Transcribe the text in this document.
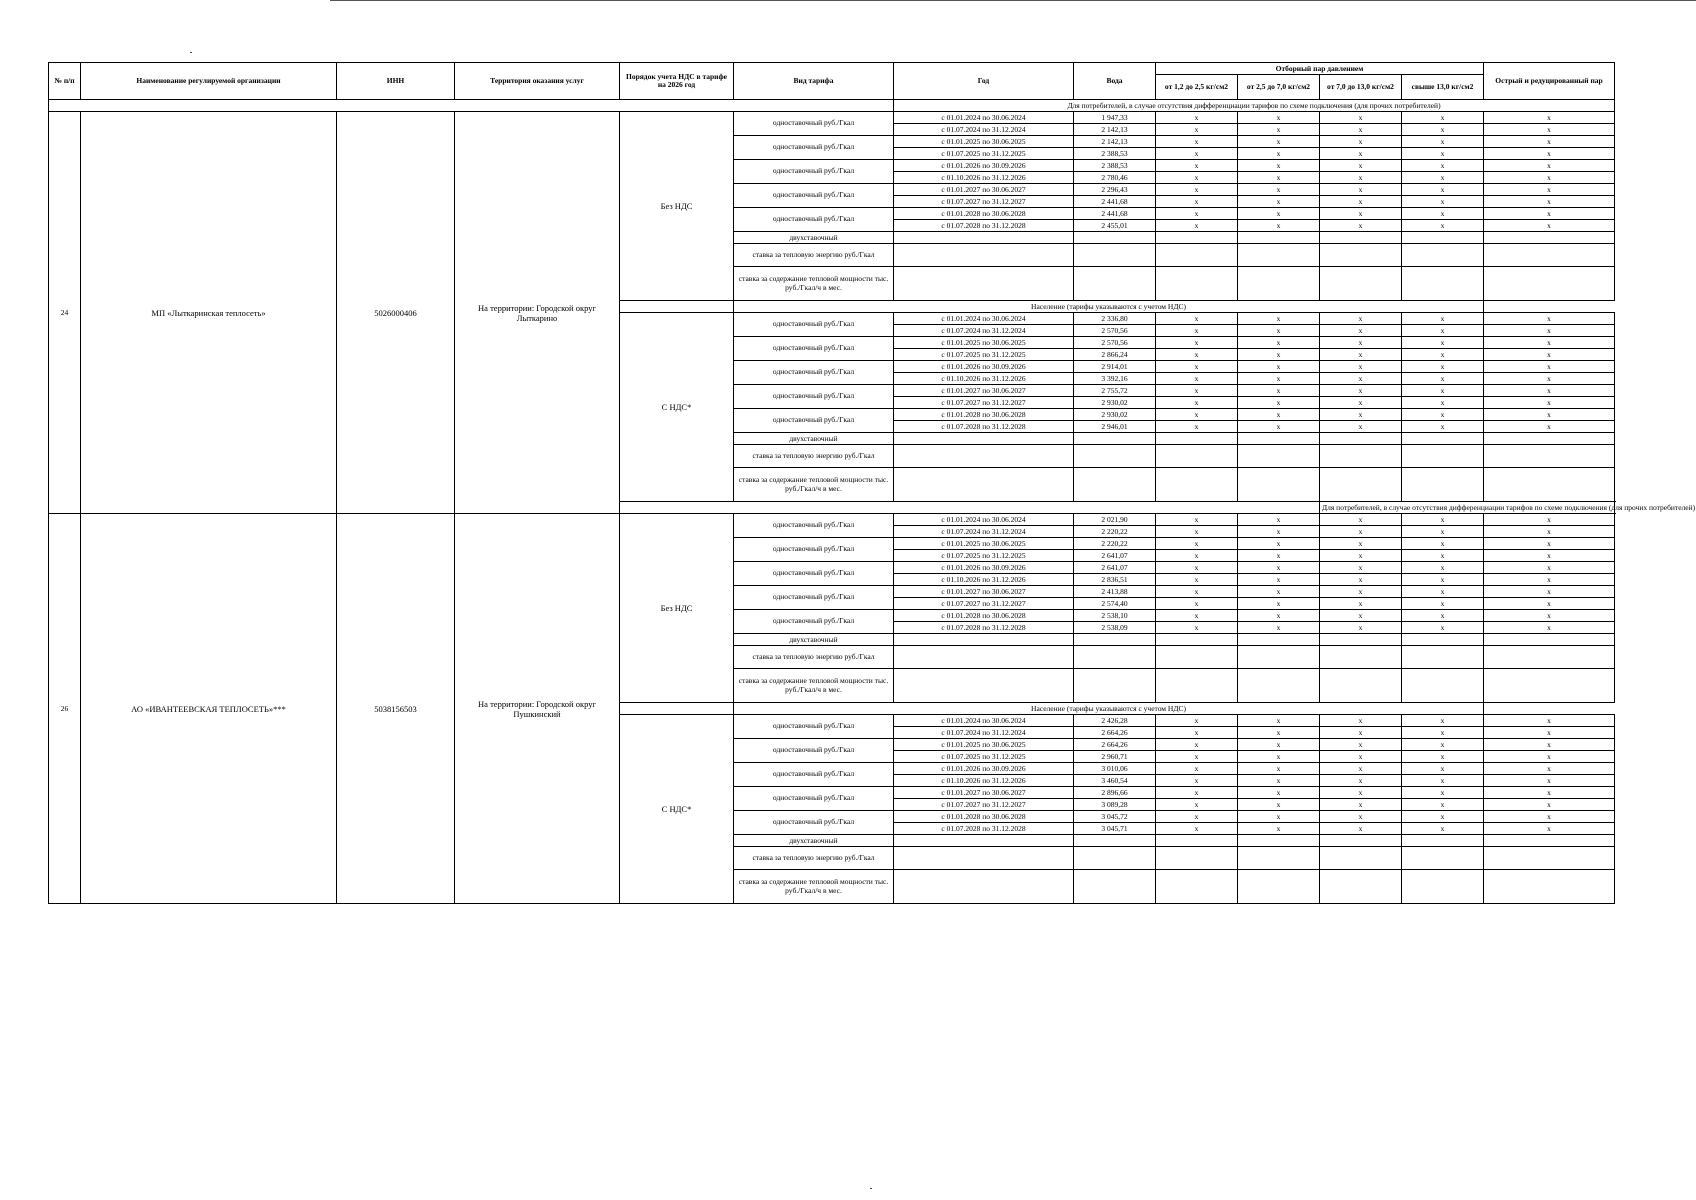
№ п/п	Наименование регулируемой организации	ИНН	Территория оказания услуг	Порядок учета НДС в тарифе на 2026 год	Вид тарифа	Год	Вода	Отборный пар давлением				Острый и редуцированный пар
								от 1,2 до 2,5 кг/см2	от 2,5 до 7,0 кг/см2	от 7,0 до 13,0 кг/см2	свыше 13,0 кг/см2	
						Для потребителей, в случае отсутствия дифференциации тарифов по схеме подключения (для прочих потребителей)						
24	МП «Лыткаринская теплосеть»	5026000406	На территории: Городской округ Лыткарино	Без НДС	одноставочный руб./Гкал	с 01.01.2024 по 30.06.2024	1 947,33	x	x	x	x	x
						с 01.07.2024 по 31.12.2024	2 142,13	x	x	x	x	x
					одноставочный руб./Гкал	с 01.01.2025 по 30.06.2025	2 142,13	x	x	x	x	x
						с 01.07.2025 по 31.12.2025	2 388,53	x	x	x	x	x
					одноставочный руб./Гкал	с 01.01.2026 по 30.09.2026	2 388,53	x	x	x	x	x
						с 01.10.2026 по 31.12.2026	2 780,46	x	x	x	x	x
					одноставочный руб./Гкал	с 01.01.2027 по 30.06.2027	2 296,43	x	x	x	x	x
						с 01.07.2027 по 31.12.2027	2 441,68	x	x	x	x	x
					одноставочный руб./Гкал	с 01.01.2028 по 30.06.2028	2 441,68	x	x	x	x	x
						с 01.07.2028 по 31.12.2028	2 455,01	x	x	x	x	x
					двухставочный							
					ставка за тепловую энергию руб./Гкал							
					ставка за содержание тепловой мощности тыс. руб./Гкал/ч в мес.							
					Население (тарифы указываются с учетом НДС)							
				С НДС*	одноставочный руб./Гкал	с 01.01.2024 по 30.06.2024	2 336,80	x	x	x	x	x
						с 01.07.2024 по 31.12.2024	2 570,56	x	x	x	x	x
					одноставочный руб./Гкал	с 01.01.2025 по 30.06.2025	2 570,56	x	x	x	x	x
						с 01.07.2025 по 31.12.2025	2 866,24	x	x	x	x	x
					одноставочный руб./Гкал	с 01.01.2026 по 30.09.2026	2 914,01	x	x	x	x	x
						с 01.10.2026 по 31.12.2026	3 392,16	x	x	x	x	x
					одноставочный руб./Гкал	с 01.01.2027 по 30.06.2027	2 755,72	x	x	x	x	x
						с 01.07.2027 по 31.12.2027	2 930,02	x	x	x	x	x
					одноставочный руб./Гкал	с 01.01.2028 по 30.06.2028	2 930,02	x	x	x	x	x
						с 01.07.2028 по 31.12.2028	2 946,01	x	x	x	x	x
					двухставочный							
					ставка за тепловую энергию руб./Гкал							
					ставка за содержание тепловой мощности тыс. руб./Гкал/ч в мес.							
										Для потребителей, в случае отсутствия дифференциации тарифов по схеме подключения (для прочих потребителей)		
26	АО «ИВАНТЕЕВСКАЯ ТЕПЛОСЕТЬ»***	5038156503	На территории: Городской округ Пушкинский	Без НДС	одноставочный руб./Гкал	с 01.01.2024 по 30.06.2024	2 021,90	x	x	x	x	x
						с 01.07.2024 по 31.12.2024	2 220,22	x	x	x	x	x
					одноставочный руб./Гкал	с 01.01.2025 по 30.06.2025	2 220,22	x	x	x	x	x
						с 01.07.2025 по 31.12.2025	2 641,07	x	x	x	x	x
					одноставочный руб./Гкал	с 01.01.2026 по 30.09.2026	2 641,07	x	x	x	x	x
						с 01.10.2026 по 31.12.2026	2 836,51	x	x	x	x	x
					одноставочный руб./Гкал	с 01.01.2027 по 30.06.2027	2 413,88	x	x	x	x	x
						с 01.07.2027 по 31.12.2027	2 574,40	x	x	x	x	x
					одноставочный руб./Гкал	с 01.01.2028 по 30.06.2028	2 538,10	x	x	x	x	x
						с 01.07.2028 по 31.12.2028	2 538,09	x	x	x	x	x
					двухставочный							
					ставка за тепловую энергию руб./Гкал							
					ставка за содержание тепловой мощности тыс. руб./Гкал/ч в мес.							
					Население (тарифы указываются с учетом НДС)							
				С НДС*	одноставочный руб./Гкал	с 01.01.2024 по 30.06.2024	2 426,28	x	x	x	x	x
						с 01.07.2024 по 31.12.2024	2 664,26	x	x	x	x	x
					одноставочный руб./Гкал	с 01.01.2025 по 30.06.2025	2 664,26	x	x	x	x	x
						с 01.07.2025 по 31.12.2025	2 960,71	x	x	x	x	x
					одноставочный руб./Гкал	с 01.01.2026 по 30.09.2026	3 010,06	x	x	x	x	x
						с 01.10.2026 по 31.12.2026	3 460,54	x	x	x	x	x
					одноставочный руб./Гкал	с 01.01.2027 по 30.06.2027	2 896,66	x	x	x	x	x
						с 01.07.2027 по 31.12.2027	3 089,28	x	x	x	x	x
					одноставочный руб./Гкал	с 01.01.2028 по 30.06.2028	3 045,72	x	x	x	x	x
						с 01.07.2028 по 31.12.2028	3 045,71	x	x	x	x	x
					двухставочный							
					ставка за тепловую энергию руб./Гкал							
					ставка за содержание тепловой мощности тыс. руб./Гкал/ч в мес.							
